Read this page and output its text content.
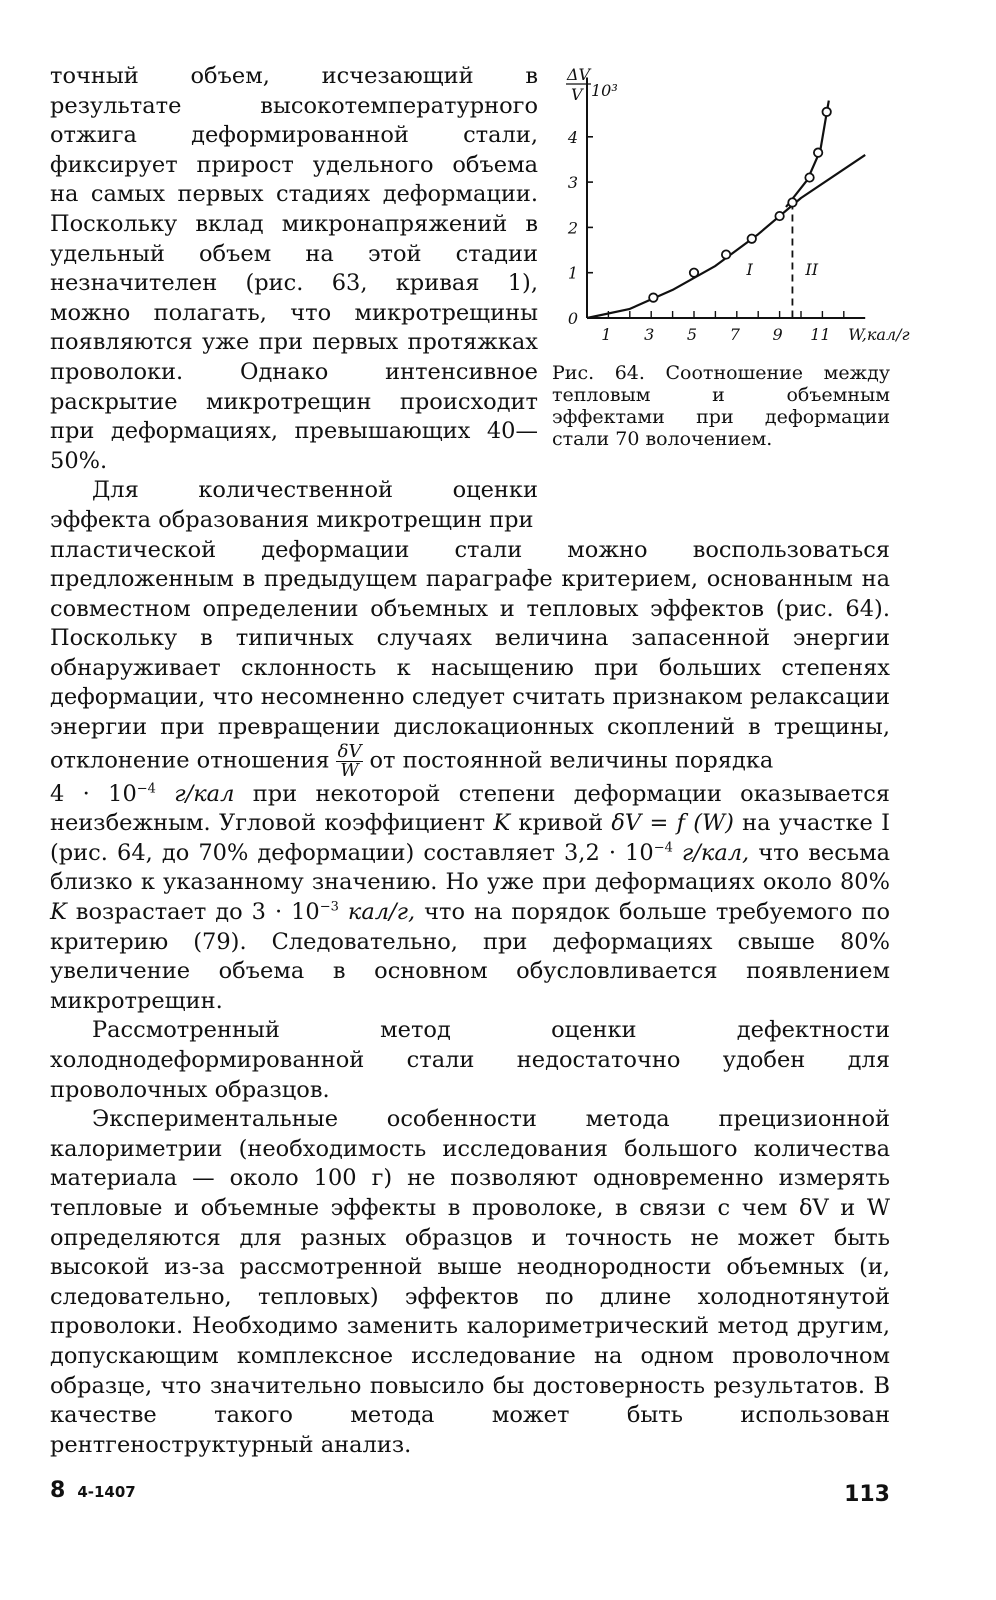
точный объем, исчезающий в результате высокотемпературного отжига деформированной стали, фиксирует прирост удельного объема на самых первых стадиях деформации. Поскольку вклад микронапряжений в удельный объем на этой стадии незначителен (рис. 63, кривая 1), можно полагать, что микротрещины появляются уже при первых протяжках проволоки. Однако интенсивное раскрытие микротрещин происходит при деформациях, превышающих 40—50%.

Для количественной оценки эффекта образования микротрещин при

пластической деформации стали можно воспользоваться предложенным в предыдущем параграфе критерием, основанным на совместном определении объемных и тепловых эффектов (рис. 64). Поскольку в типичных случаях величина запасенной энергии обнаруживает склонность к насыщению при больших степенях деформации, что несомненно следует считать признаком релаксации энергии при превращении дислокационных скоплений в трещины, отклонение отношения $\frac{\delta V}{W}$ от постоянной величины порядка

$4 \cdot 10^{-4}$ г/кал при некоторой степени деформации оказывается неизбежным. Угловой коэффициент K кривой δV = f (W) на участке I (рис. 64, до 70% деформации) составляет $3,2 \cdot 10^{-4}$ г/кал, что весьма близко к указанному значению. Но уже при деформациях около 80% K возрастает до $3 \cdot 10^{-3}$ кал/г, что на порядок больше требуемого по критерию (79). Следовательно, при деформациях свыше 80% увеличение объема в основном обусловливается появлением микротрещин.

Рассмотренный метод оценки дефектности холоднодеформированной стали недостаточно удобен для проволочных образцов.

Экспериментальные особенности метода прецизионной калориметрии (необходимость исследования большого количества материала — около 100 г) не позволяют одновременно измерять тепловые и объемные эффекты в проволоке, в связи с чем δV и W определяются для разных образцов и точность не может быть высокой из-за рассмотренной выше неоднородности объемных (и, следовательно, тепловых) эффектов по длине холоднотянутой проволоки. Необходимо заменить калориметрический метод другим, допускающим комплексное исследование на одном проволочном образце, что значительно повысило бы достоверность результатов. В качестве такого метода может быть использован рентгеноструктурный анализ.

0
1
2
3
4
1 3 5 7 9 11 W,кал/г
ΔV
V 10³
I	II

Рис. 64. Соотношение между тепловым и объемным эффектами при деформации стали 70 волочением.

8 4-1407	113
